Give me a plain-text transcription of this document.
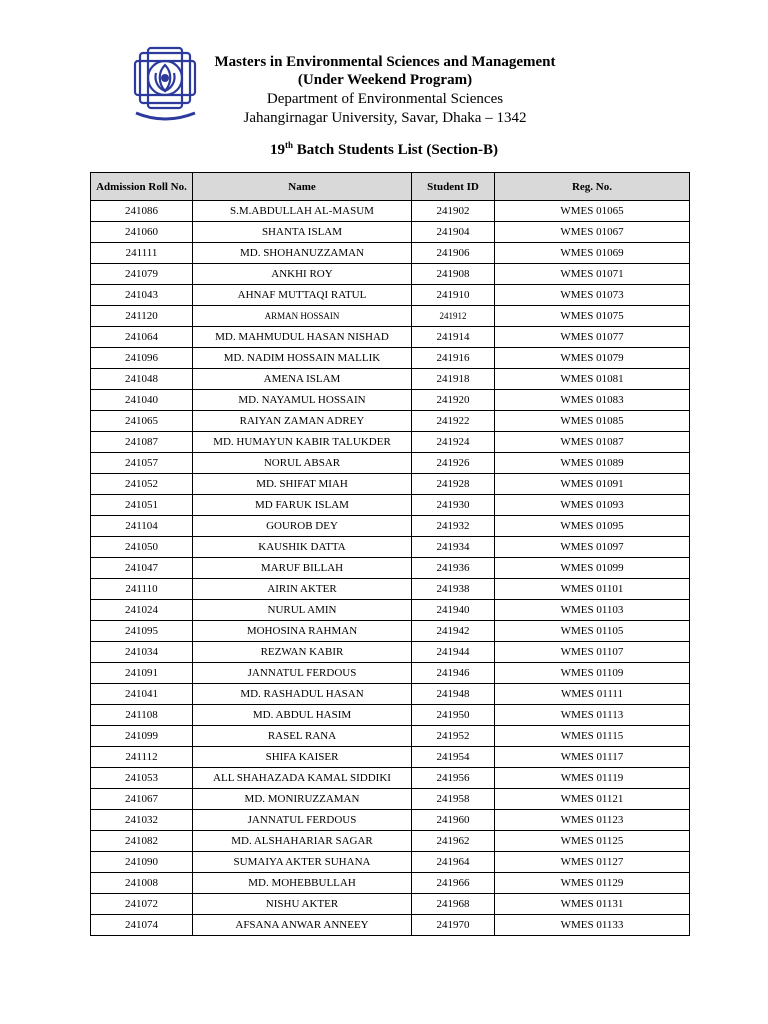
Masters in Environmental Sciences and Management
(Under Weekend Program)
Department of Environmental Sciences
Jahangirnagar University, Savar, Dhaka – 1342
19th Batch Students List (Section-B)
Admission Roll No.	Name	Student ID	Reg. No.
241086	S.M.ABDULLAH AL-MASUM	241902	WMES 01065
241060	SHANTA ISLAM	241904	WMES 01067
241111	MD. SHOHANUZZAMAN	241906	WMES 01069
241079	ANKHI ROY	241908	WMES 01071
241043	AHNAF MUTTAQI RATUL	241910	WMES 01073
241120	ARMAN HOSSAIN	241912	WMES 01075
241064	MD. MAHMUDUL HASAN NISHAD	241914	WMES 01077
241096	MD. NADIM HOSSAIN MALLIK	241916	WMES 01079
241048	AMENA ISLAM	241918	WMES 01081
241040	MD. NAYAMUL HOSSAIN	241920	WMES 01083
241065	RAIYAN ZAMAN ADREY	241922	WMES 01085
241087	MD. HUMAYUN KABIR TALUKDER	241924	WMES 01087
241057	NORUL ABSAR	241926	WMES 01089
241052	MD. SHIFAT MIAH	241928	WMES 01091
241051	MD FARUK ISLAM	241930	WMES 01093
241104	GOUROB DEY	241932	WMES 01095
241050	KAUSHIK DATTA	241934	WMES 01097
241047	MARUF BILLAH	241936	WMES 01099
241110	AIRIN AKTER	241938	WMES 01101
241024	NURUL AMIN	241940	WMES 01103
241095	MOHOSINA RAHMAN	241942	WMES 01105
241034	REZWAN KABIR	241944	WMES 01107
241091	JANNATUL FERDOUS	241946	WMES 01109
241041	MD. RASHADUL HASAN	241948	WMES 01111
241108	MD. ABDUL HASIM	241950	WMES 01113
241099	RASEL RANA	241952	WMES 01115
241112	SHIFA KAISER	241954	WMES 01117
241053	ALL SHAHAZADA KAMAL SIDDIKI	241956	WMES 01119
241067	MD. MONIRUZZAMAN	241958	WMES 01121
241032	JANNATUL FERDOUS	241960	WMES 01123
241082	MD. ALSHAHARIAR SAGAR	241962	WMES 01125
241090	SUMAIYA AKTER SUHANA	241964	WMES 01127
241008	MD. MOHEBBULLAH	241966	WMES 01129
241072	NISHU AKTER	241968	WMES 01131
241074	AFSANA ANWAR ANNEEY	241970	WMES 01133
